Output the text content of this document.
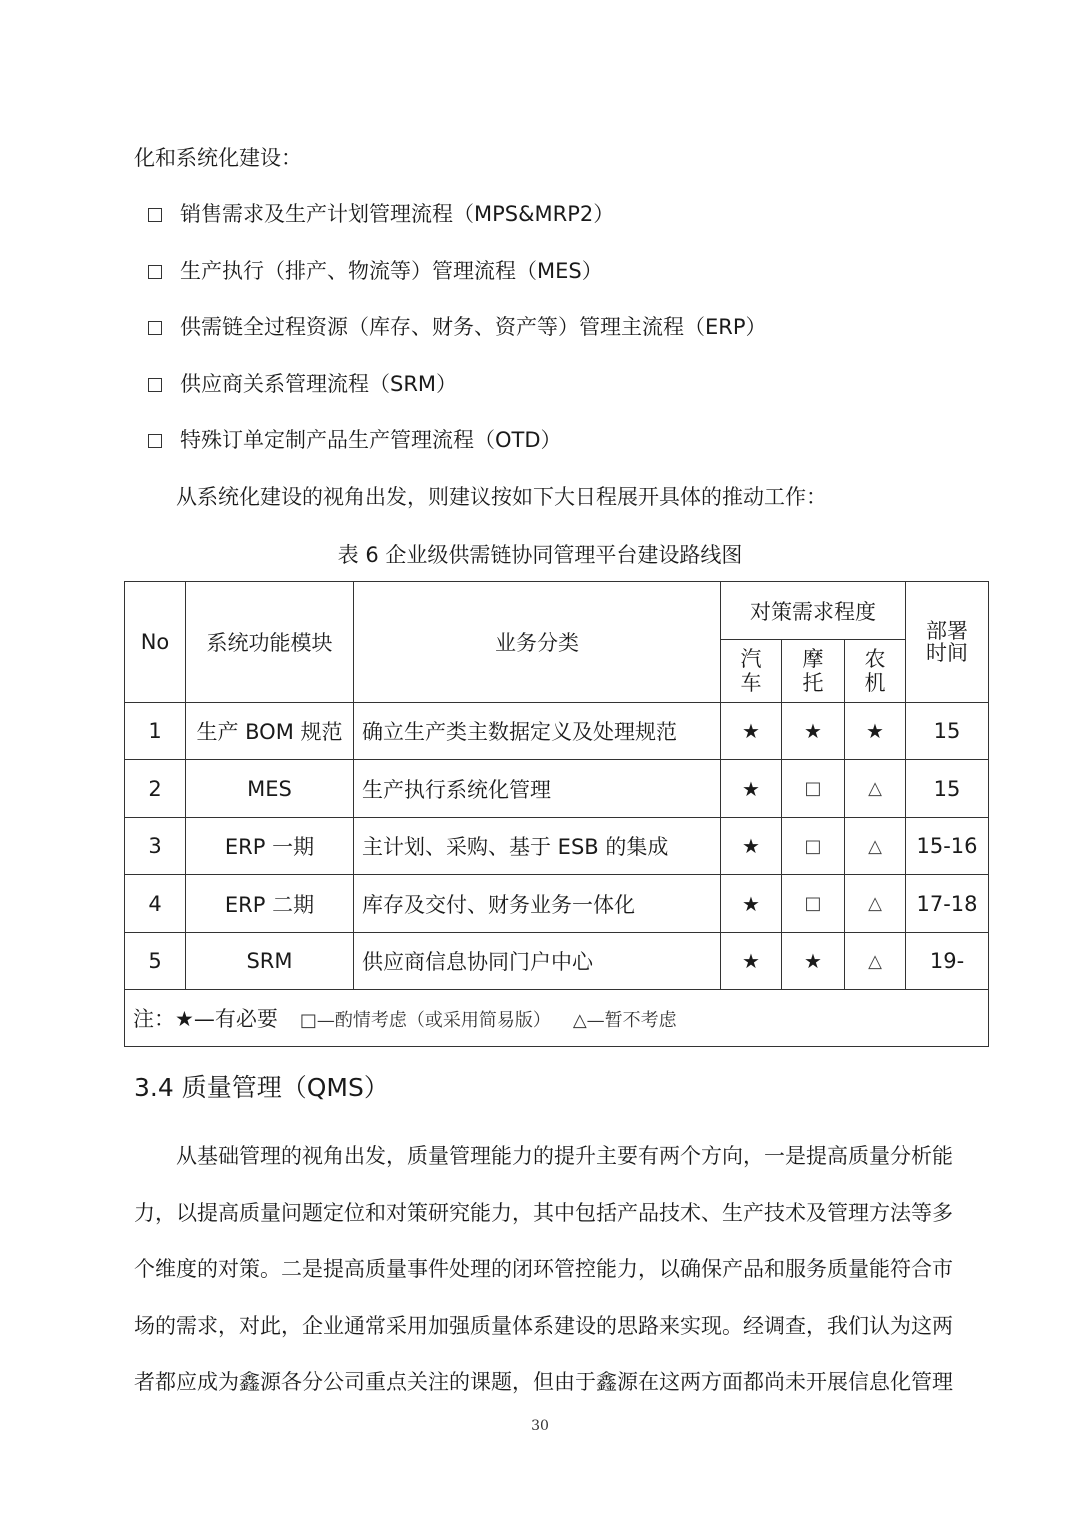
化和系统化建设：
销售需求及生产计划管理流程（MPS&MRP2）
生产执行（排产、物流等）管理流程（MES）
供需链全过程资源（库存、财务、资产等）管理主流程（ERP）
供应商关系管理流程（SRM）
特殊订单定制产品生产管理流程（OTD）
从系统化建设的视角出发，则建议按如下大日程展开具体的推动工作：
表 6 企业级供需链协同管理平台建设路线图
No	系统功能模块	业务分类	对策需求程度			部署时间
			汽车	摩托	农机	
1	生产 BOM 规范	确立生产类主数据定义及处理规范	★	★	★	15
2	MES	生产执行系统化管理	★	□	△	15
3	ERP 一期	主计划、采购、基于 ESB 的集成	★	□	△	15-16
4	ERP 二期	库存及交付、财务业务一体化	★	□	△	17-18
5	SRM	供应商信息协同门户中心	★	★	△	19-
注：★—有必要 □—酌情考虑（或采用简易版） △—暂不考虑						
3.4 质量管理（QMS）
从基础管理的视角出发，质量管理能力的提升主要有两个方向，一是提高质量分析能
力，以提高质量问题定位和对策研究能力，其中包括产品技术、生产技术及管理方法等多
个维度的对策。二是提高质量事件处理的闭环管控能力，以确保产品和服务质量能符合市
场的需求，对此，企业通常采用加强质量体系建设的思路来实现。经调查，我们认为这两
者都应成为鑫源各分公司重点关注的课题，但由于鑫源在这两方面都尚未开展信息化管理
30
